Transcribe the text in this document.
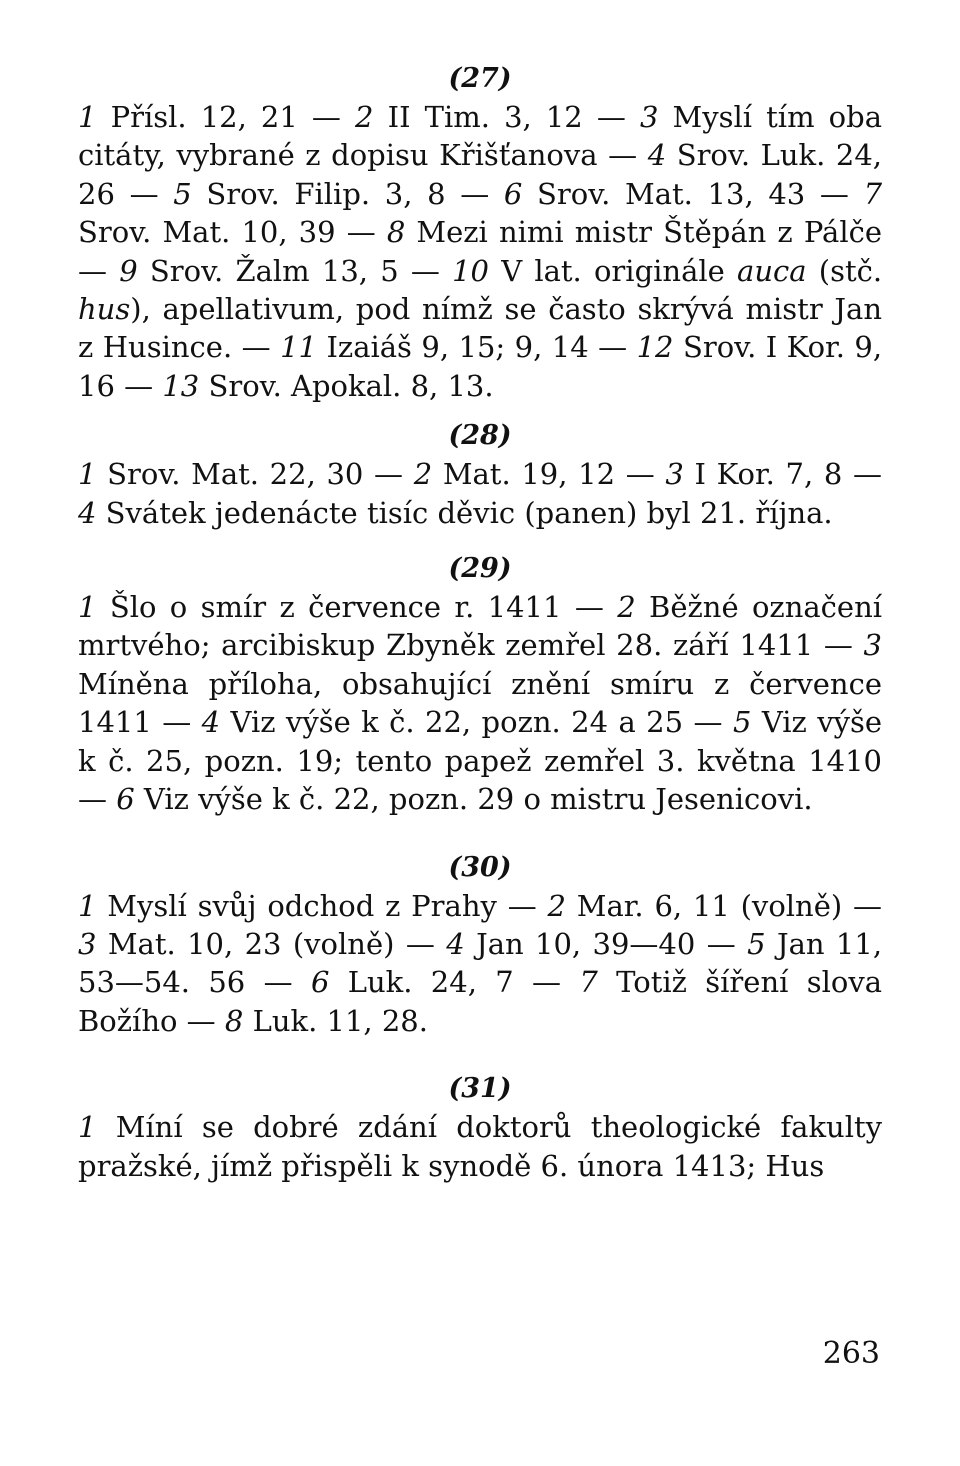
(27)

1 Přísl. 12, 21 — 2 II Tim. 3, 12 — 3 Myslí tím oba citáty, vybrané z dopisu Křišťanova — 4 Srov. Luk. 24, 26 — 5 Srov. Filip. 3, 8 — 6 Srov. Mat. 13, 43 — 7 Srov. Mat. 10, 39 — 8 Mezi nimi mistr Štěpán z Pálče — 9 Srov. Žalm 13, 5 — 10 V lat. originále auca (stč. hus), apellativum, pod nímž se často skrývá mistr Jan z Husince. — 11 Izaiáš 9, 15; 9, 14 — 12 Srov. I Kor. 9, 16 — 13 Srov. Apokal. 8, 13.

(28)

1 Srov. Mat. 22, 30 — 2 Mat. 19, 12 — 3 I Kor. 7, 8 — 4 Svátek jedenácte tisíc děvic (panen) byl 21. října.

(29)

1 Šlo o smír z července r. 1411 — 2 Běžné označení mrtvého; arcibiskup Zbyněk zemřel 28. září 1411 — 3 Míněna příloha, obsahující znění smíru z července 1411 — 4 Viz výše k č. 22, pozn. 24 a 25 — 5 Viz výše k č. 25, pozn. 19; tento papež zemřel 3. května 1410 — 6 Viz výše k č. 22, pozn. 29 o mistru Jesenicovi.

(30)

1 Myslí svůj odchod z Prahy — 2 Mar. 6, 11 (volně) — 3 Mat. 10, 23 (volně) — 4 Jan 10, 39—40 — 5 Jan 11, 53—54. 56 — 6 Luk. 24, 7 — 7 Totiž šíření slova Božího — 8 Luk. 11, 28.

(31)

1 Míní se dobré zdání doktorů theologické fakulty pražské, jímž přispěli k synodě 6. února 1413; Hus

263
